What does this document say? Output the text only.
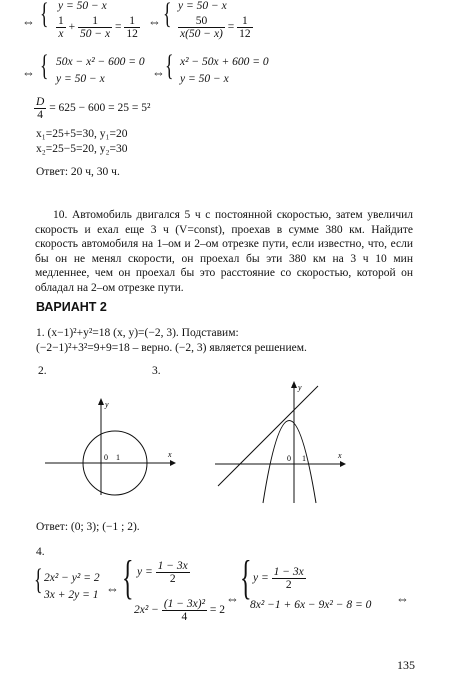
⇔ { y = 50 − x
$\frac{1}{x} + \frac{1}{50 - x} = \frac{1}{12}$ ⇔ { y = 50 − x
$\frac{50}{x(50 - x)} = \frac{1}{12}$
⇔ { 50x − x² − 600 = 0
y = 50 − x	⇔ { x² − 50x + 600 = 0
y = 50 − x
$\frac{D}{4} = 625 - 600 = 25 = 5^2$
x₁=25+5=30, y₁=20
x₂=25−5=20, y₂=30
Ответ: 20 ч, 30 ч.
10. Автомобиль двигался 5 ч с постоянной скоростью, затем увеличил скорость и ехал еще 3 ч (V=const), проехав в сумме 380 км. Найдите скорость автомобиля на 1–ом и 2–ом отрезке пути, если известно, что, если бы он не менял скорости, он проехал бы эти 380 км на 3 ч 10 мин медленнее, чем он проехал бы это расстояние со скоростью, которой он обладал на 2–ом отрезке пути.
ВАРИАНТ 2
1. (x−1)²+y²=18 (x, y)=(−2, 3). Подставим:
(−2−1)²+3²=9+9=18 – верно. (−2, 3) является решением.
2.	3.
y
x
0 1
y
x
0 1
Ответ: (0; 3); (−1 ; 2).
4.
{ 2x² − y² = 2
3x + 2y = 1 ⇔ { $y = \frac{1 - 3x}{2}$
$2x^2 - \frac{\text{(1 − 3x)²}}{4} = 2$
⇔ { $y = \frac{1 - 3x}{2}$
8x² −1 + 6x − 9x² − 8 = 0 ⇔
135
